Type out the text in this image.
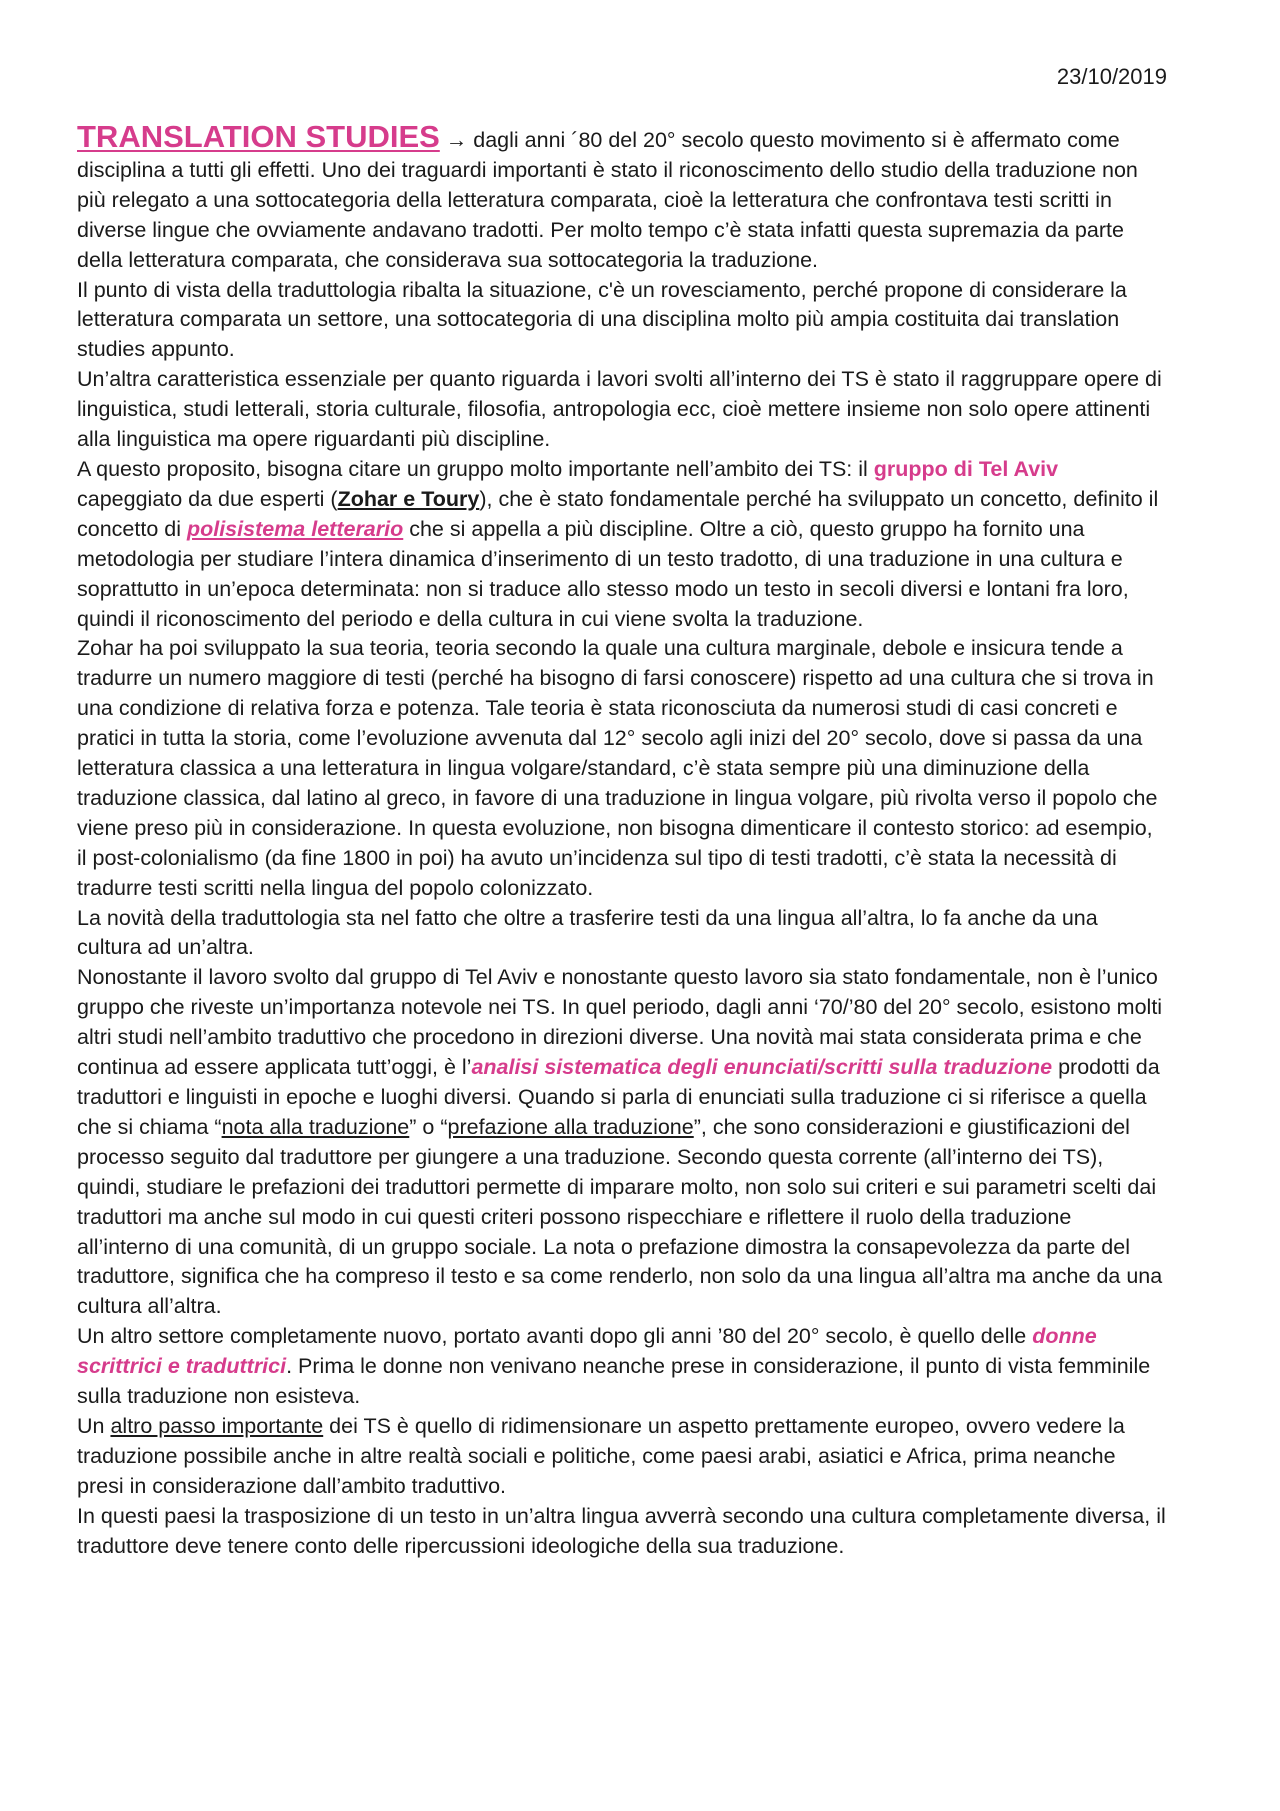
23/10/2019

TRANSLATION STUDIES → dagli anni ´80 del 20° secolo questo movimento si è affermato come disciplina a tutti gli effetti. Uno dei traguardi importanti è stato il riconoscimento dello studio della traduzione non più relegato a una sottocategoria della letteratura comparata, cioè la letteratura che confrontava testi scritti in diverse lingue che ovviamente andavano tradotti. Per molto tempo c’è stata infatti questa supremazia da parte della letteratura comparata, che considerava sua sottocategoria la traduzione.

Il punto di vista della traduttologia ribalta la situazione, c'è un rovesciamento, perché propone di considerare la letteratura comparata un settore, una sottocategoria di una disciplina molto più ampia costituita dai translation studies appunto.

Un’altra caratteristica essenziale per quanto riguarda i lavori svolti all’interno dei TS è stato il raggruppare opere di linguistica, studi letterali, storia culturale, filosofia, antropologia ecc, cioè mettere insieme non solo opere attinenti alla linguistica ma opere riguardanti più discipline.

A questo proposito, bisogna citare un gruppo molto importante nell’ambito dei TS: il gruppo di Tel Aviv capeggiato da due esperti (Zohar e Toury), che è stato fondamentale perché ha sviluppato un concetto, definito il concetto di polisistema letterario che si appella a più discipline. Oltre a ciò, questo gruppo ha fornito una metodologia per studiare l’intera dinamica d’inserimento di un testo tradotto, di una traduzione in una cultura e soprattutto in un’epoca determinata: non si traduce allo stesso modo un testo in secoli diversi e lontani fra loro, quindi il riconoscimento del periodo e della cultura in cui viene svolta la traduzione.

Zohar ha poi sviluppato la sua teoria, teoria secondo la quale una cultura marginale, debole e insicura tende a tradurre un numero maggiore di testi (perché ha bisogno di farsi conoscere) rispetto ad una cultura che si trova in una condizione di relativa forza e potenza. Tale teoria è stata riconosciuta da numerosi studi di casi concreti e pratici in tutta la storia, come l’evoluzione avvenuta dal 12° secolo agli inizi del 20° secolo, dove si passa da una letteratura classica a una letteratura in lingua volgare/standard, c’è stata sempre più una diminuzione della traduzione classica, dal latino al greco, in favore di una traduzione in lingua volgare, più rivolta verso il popolo che viene preso più in considerazione. In questa evoluzione, non bisogna dimenticare il contesto storico: ad esempio, il post-colonialismo (da fine 1800 in poi) ha avuto un’incidenza sul tipo di testi tradotti, c’è stata la necessità di tradurre testi scritti nella lingua del popolo colonizzato.

La novità della traduttologia sta nel fatto che oltre a trasferire testi da una lingua all’altra, lo fa anche da una cultura ad un’altra.

Nonostante il lavoro svolto dal gruppo di Tel Aviv e nonostante questo lavoro sia stato fondamentale, non è l’unico gruppo che riveste un’importanza notevole nei TS. In quel periodo, dagli anni ‘70/’80 del 20° secolo, esistono molti altri studi nell’ambito traduttivo che procedono in direzioni diverse. Una novità mai stata considerata prima e che continua ad essere applicata tutt’oggi, è l’analisi sistematica degli enunciati/scritti sulla traduzione prodotti da traduttori e linguisti in epoche e luoghi diversi. Quando si parla di enunciati sulla traduzione ci si riferisce a quella che si chiama “nota alla traduzione” o “prefazione alla traduzione”, che sono considerazioni e giustificazioni del processo seguito dal traduttore per giungere a una traduzione. Secondo questa corrente (all’interno dei TS), quindi, studiare le prefazioni dei traduttori permette di imparare molto, non solo sui criteri e sui parametri scelti dai traduttori ma anche sul modo in cui questi criteri possono rispecchiare e riflettere il ruolo della traduzione all’interno di una comunità, di un gruppo sociale. La nota o prefazione dimostra la consapevolezza da parte del traduttore, significa che ha compreso il testo e sa come renderlo, non solo da una lingua all’altra ma anche da una cultura all’altra.

Un altro settore completamente nuovo, portato avanti dopo gli anni ’80 del 20° secolo, è quello delle donne scrittrici e traduttrici. Prima le donne non venivano neanche prese in considerazione, il punto di vista femminile sulla traduzione non esisteva.

Un altro passo importante dei TS è quello di ridimensionare un aspetto prettamente europeo, ovvero vedere la traduzione possibile anche in altre realtà sociali e politiche, come paesi arabi, asiatici e Africa, prima neanche presi in considerazione dall’ambito traduttivo.

In questi paesi la trasposizione di un testo in un’altra lingua avverrà secondo una cultura completamente diversa, il traduttore deve tenere conto delle ripercussioni ideologiche della sua traduzione.
